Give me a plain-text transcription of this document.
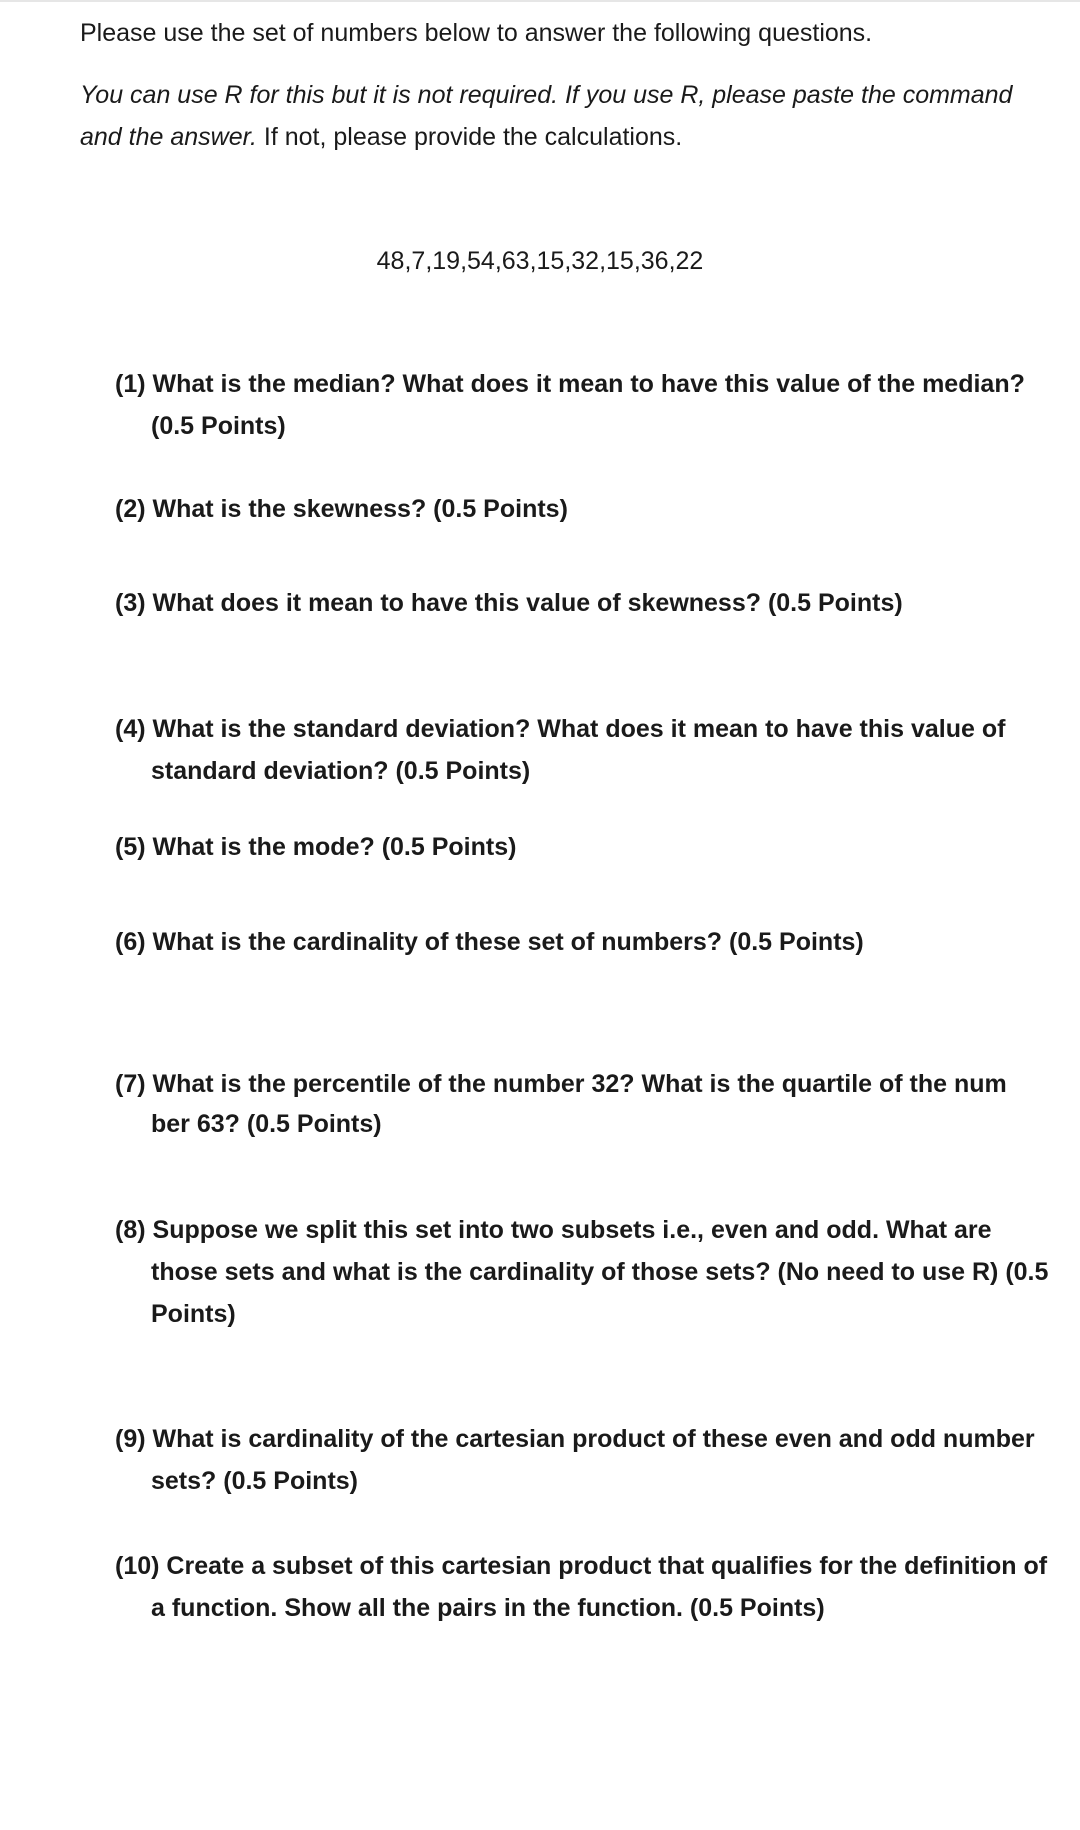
Please use the set of numbers below to answer the following questions.

You can use R for this but it is not required. If you use R, please paste the command and the answer. If not, please provide the calculations.

48,7,19,54,63,15,32,15,36,22

(1) What is the median? What does it mean to have this value of the median? (0.5 Points)

(2) What is the skewness? (0.5 Points)

(3) What does it mean to have this value of skewness? (0.5 Points)

(4) What is the standard deviation? What does it mean to have this value of standard deviation? (0.5 Points)

(5) What is the mode? (0.5 Points)

(6) What is the cardinality of these set of numbers? (0.5 Points)

(7) What is the percentile of the number 32? What is the quartile of the num ber 63? (0.5 Points)

(8) Suppose we split this set into two subsets i.e., even and odd. What are those sets and what is the cardinality of those sets? (No need to use R) (0.5 Points)

(9) What is cardinality of the cartesian product of these even and odd number sets? (0.5 Points)

(10) Create a subset of this cartesian product that qualifies for the definition of a function. Show all the pairs in the function. (0.5 Points)
